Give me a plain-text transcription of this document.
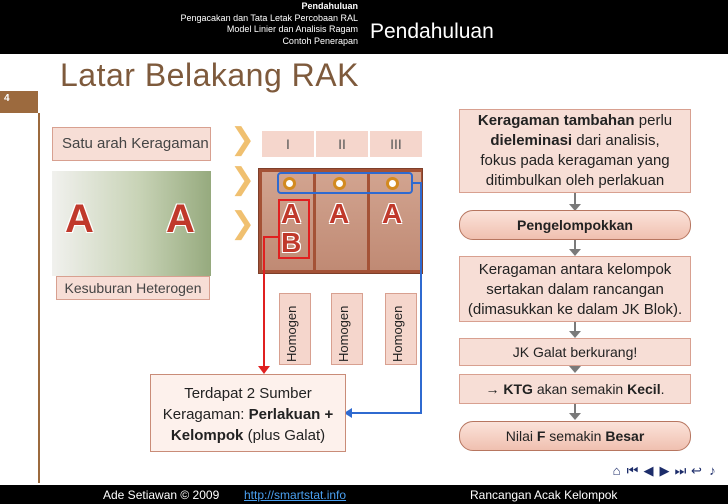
Pendahuluan
Pengacakan dan Tata Letak Percobaan RAL
Model Linier dan Analisis Ragam
Contoh Penerapan Pendahuluan
Latar Belakang RAK
4
Satu arah Keragaman
A A
Kesuburan Heterogen
❯
❯
❯
I	II	III
A A A
B
Homogen	Homogen	Homogen
Terdapat 2 Sumber
Keragaman: Perlakuan +
Kelompok (plus Galat)
Keragaman tambahan perlu
dieleminasi dari analisis,
fokus pada keragaman yang
ditimbulkan oleh perlakuan
Pengelompokkan
Keragaman antara kelompok
sertakan dalam rancangan
(dimasukkan ke dalam JK Blok).
JK Galat berkurang!
→ KTG akan semakin Kecil.
Nilai F semakin Besar
⌂ ⏮ ◀ ▶ ⏭ ↩ ♪
Ade Setiawan © 2009 http://smartstat.info	Rancangan Acak Kelompok
